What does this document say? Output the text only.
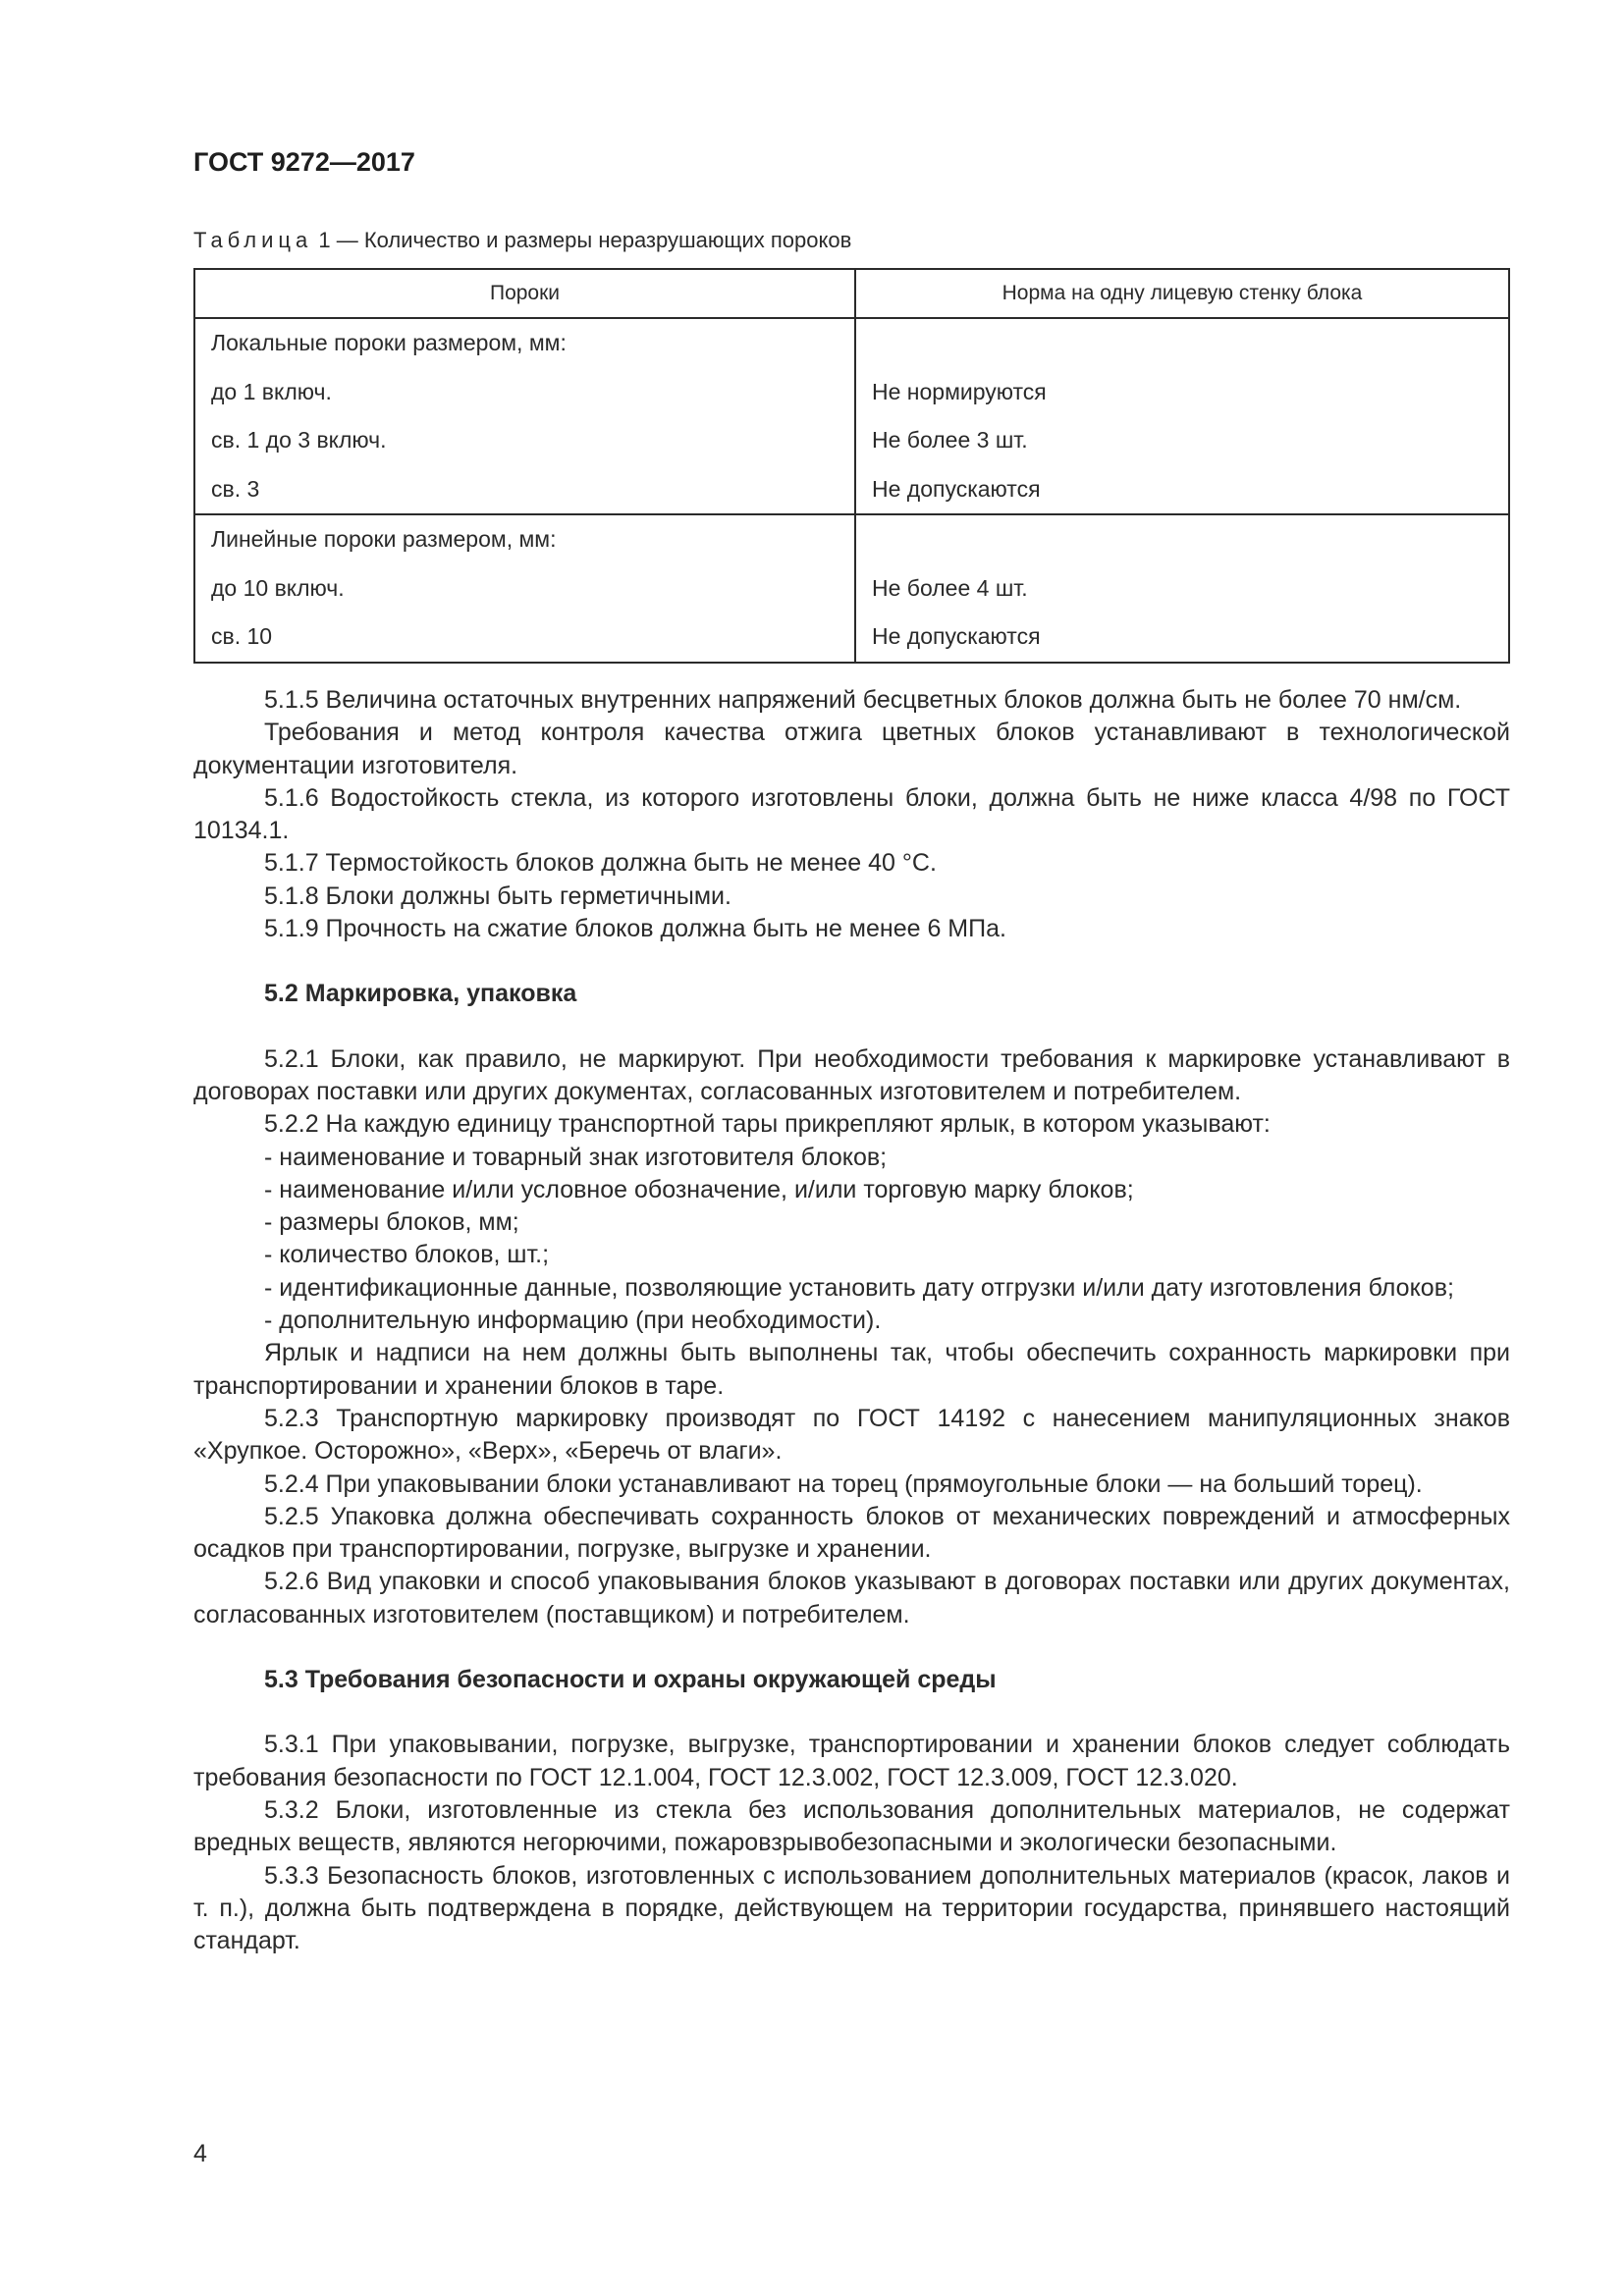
ГОСТ 9272—2017
Таблица 1 — Количество и размеры неразрушающих пороков
Пороки	Норма на одну лицевую стенку блока
Локальные пороки размером, мм:	
до 1 включ.	Не нормируются
св. 1 до 3 включ.	Не более 3 шт.
св. 3	Не допускаются
Линейные пороки размером, мм:	
до 10 включ.	Не более 4 шт.
св. 10	Не допускаются

5.1.5 Величина остаточных внутренних напряжений бесцветных блоков должна быть не более 70 нм/см.

Требования и метод контроля качества отжига цветных блоков устанавливают в технологической документации изготовителя.

5.1.6 Водостойкость стекла, из которого изготовлены блоки, должна быть не ниже класса 4/98 по ГОСТ 10134.1.

5.1.7 Термостойкость блоков должна быть не менее 40 °С.

5.1.8 Блоки должны быть герметичными.

5.1.9 Прочность на сжатие блоков должна быть не менее 6 МПа.

5.2 Маркировка, упаковка

5.2.1 Блоки, как правило, не маркируют. При необходимости требования к маркировке устанавливают в договорах поставки или других документах, согласованных изготовителем и потребителем.

5.2.2 На каждую единицу транспортной тары прикрепляют ярлык, в котором указывают:

- наименование и товарный знак изготовителя блоков;

- наименование и/или условное обозначение, и/или торговую марку блоков;

- размеры блоков, мм;

- количество блоков, шт.;

- идентификационные данные, позволяющие установить дату отгрузки и/или дату изготовления блоков;

- дополнительную информацию (при необходимости).

Ярлык и надписи на нем должны быть выполнены так, чтобы обеспечить сохранность маркировки при транспортировании и хранении блоков в таре.

5.2.3 Транспортную маркировку производят по ГОСТ 14192 с нанесением манипуляционных знаков «Хрупкое. Осторожно», «Верх», «Беречь от влаги».

5.2.4 При упаковывании блоки устанавливают на торец (прямоугольные блоки — на больший торец).

5.2.5 Упаковка должна обеспечивать сохранность блоков от механических повреждений и атмосферных осадков при транспортировании, погрузке, выгрузке и хранении.

5.2.6 Вид упаковки и способ упаковывания блоков указывают в договорах поставки или других документах, согласованных изготовителем (поставщиком) и потребителем.

5.3 Требования безопасности и охраны окружающей среды

5.3.1 При упаковывании, погрузке, выгрузке, транспортировании и хранении блоков следует соблюдать требования безопасности по ГОСТ 12.1.004, ГОСТ 12.3.002, ГОСТ 12.3.009, ГОСТ 12.3.020.

5.3.2 Блоки, изготовленные из стекла без использования дополнительных материалов, не содержат вредных веществ, являются негорючими, пожаровзрывобезопасными и экологически безопасными.

5.3.3 Безопасность блоков, изготовленных с использованием дополнительных материалов (красок, лаков и т. п.), должна быть подтверждена в порядке, действующем на территории государства, принявшего настоящий стандарт.

4
